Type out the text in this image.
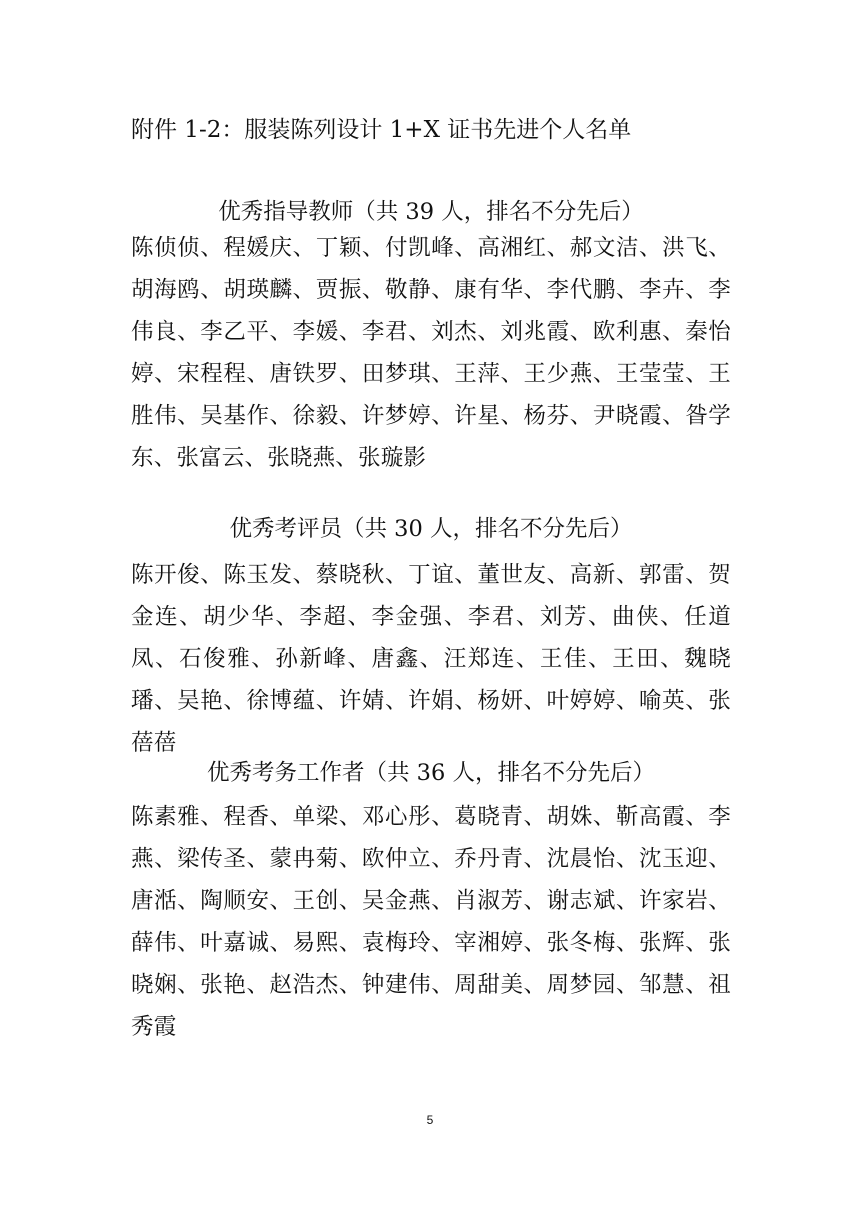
附件 1-2：服装陈列设计 1+X 证书先进个人名单
优秀指导教师（共 39 人，排名不分先后）
陈侦侦、程媛庆、丁颖、付凯峰、高湘红、郝文洁、洪飞、胡海鸥、胡瑛麟、贾振、敬静、康有华、李代鹏、李卉、李伟良、李乙平、李媛、李君、刘杰、刘兆霞、欧利惠、秦怡婷、宋程程、唐铁罗、田梦琪、王萍、王少燕、王莹莹、王胜伟、吴基作、徐毅、许梦婷、许星、杨芬、尹晓霞、昝学东、张富云、张晓燕、张璇影
优秀考评员（共 30 人，排名不分先后）
陈开俊、陈玉发、蔡晓秋、丁谊、董世友、高新、郭雷、贺金连、胡少华、李超、李金强、李君、刘芳、曲侠、任道凤、石俊雅、孙新峰、唐鑫、汪郑连、王佳、王田、魏晓璠、吴艳、徐博蕴、许婧、许娟、杨妍、叶婷婷、喻英、张蓓蓓
优秀考务工作者（共 36 人，排名不分先后）
陈素雅、程香、单梁、邓心彤、葛晓青、胡姝、靳高霞、李燕、梁传圣、蒙冉菊、欧仲立、乔丹青、沈晨怡、沈玉迎、唐湉、陶顺安、王创、吴金燕、肖淑芳、谢志斌、许家岩、薛伟、叶嘉诚、易熙、袁梅玲、宰湘婷、张冬梅、张辉、张晓娴、张艳、赵浩杰、钟建伟、周甜美、周梦园、邹慧、祖秀霞
5
